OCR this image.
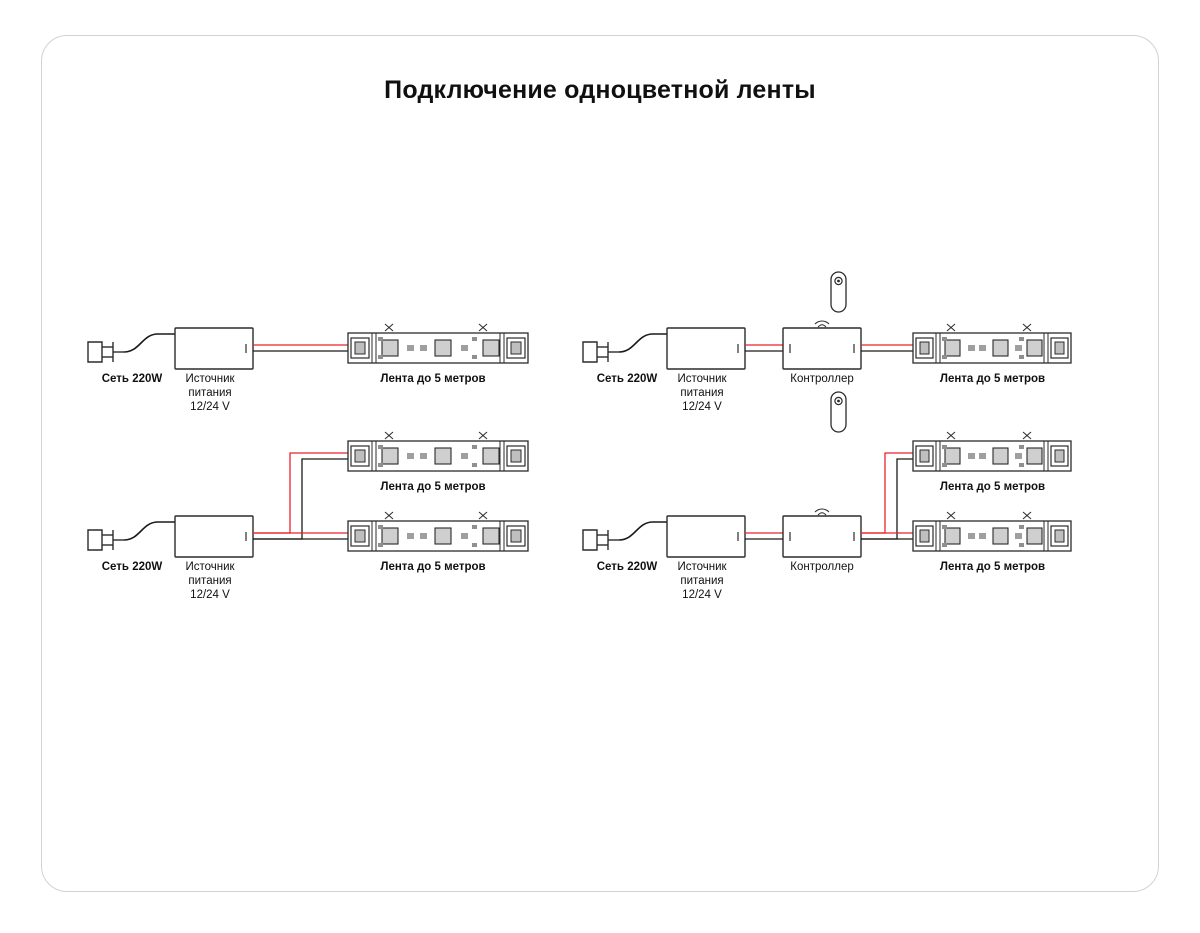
Подключение одноцветной ленты
Сеть 220W	Источник
питания
12/24 V
Лента до 5 метров	Сеть 220W	Источник
питания
12/24 V
Контроллер	Лента до 5 метров
Лента до 5 метров
Сеть 220W	Источник
питания
12/24 V
Лента до 5 метров
Лента до 5 метров
Сеть 220W	Источник
питания
12/24 V
Контроллер	Лента до 5 метров
